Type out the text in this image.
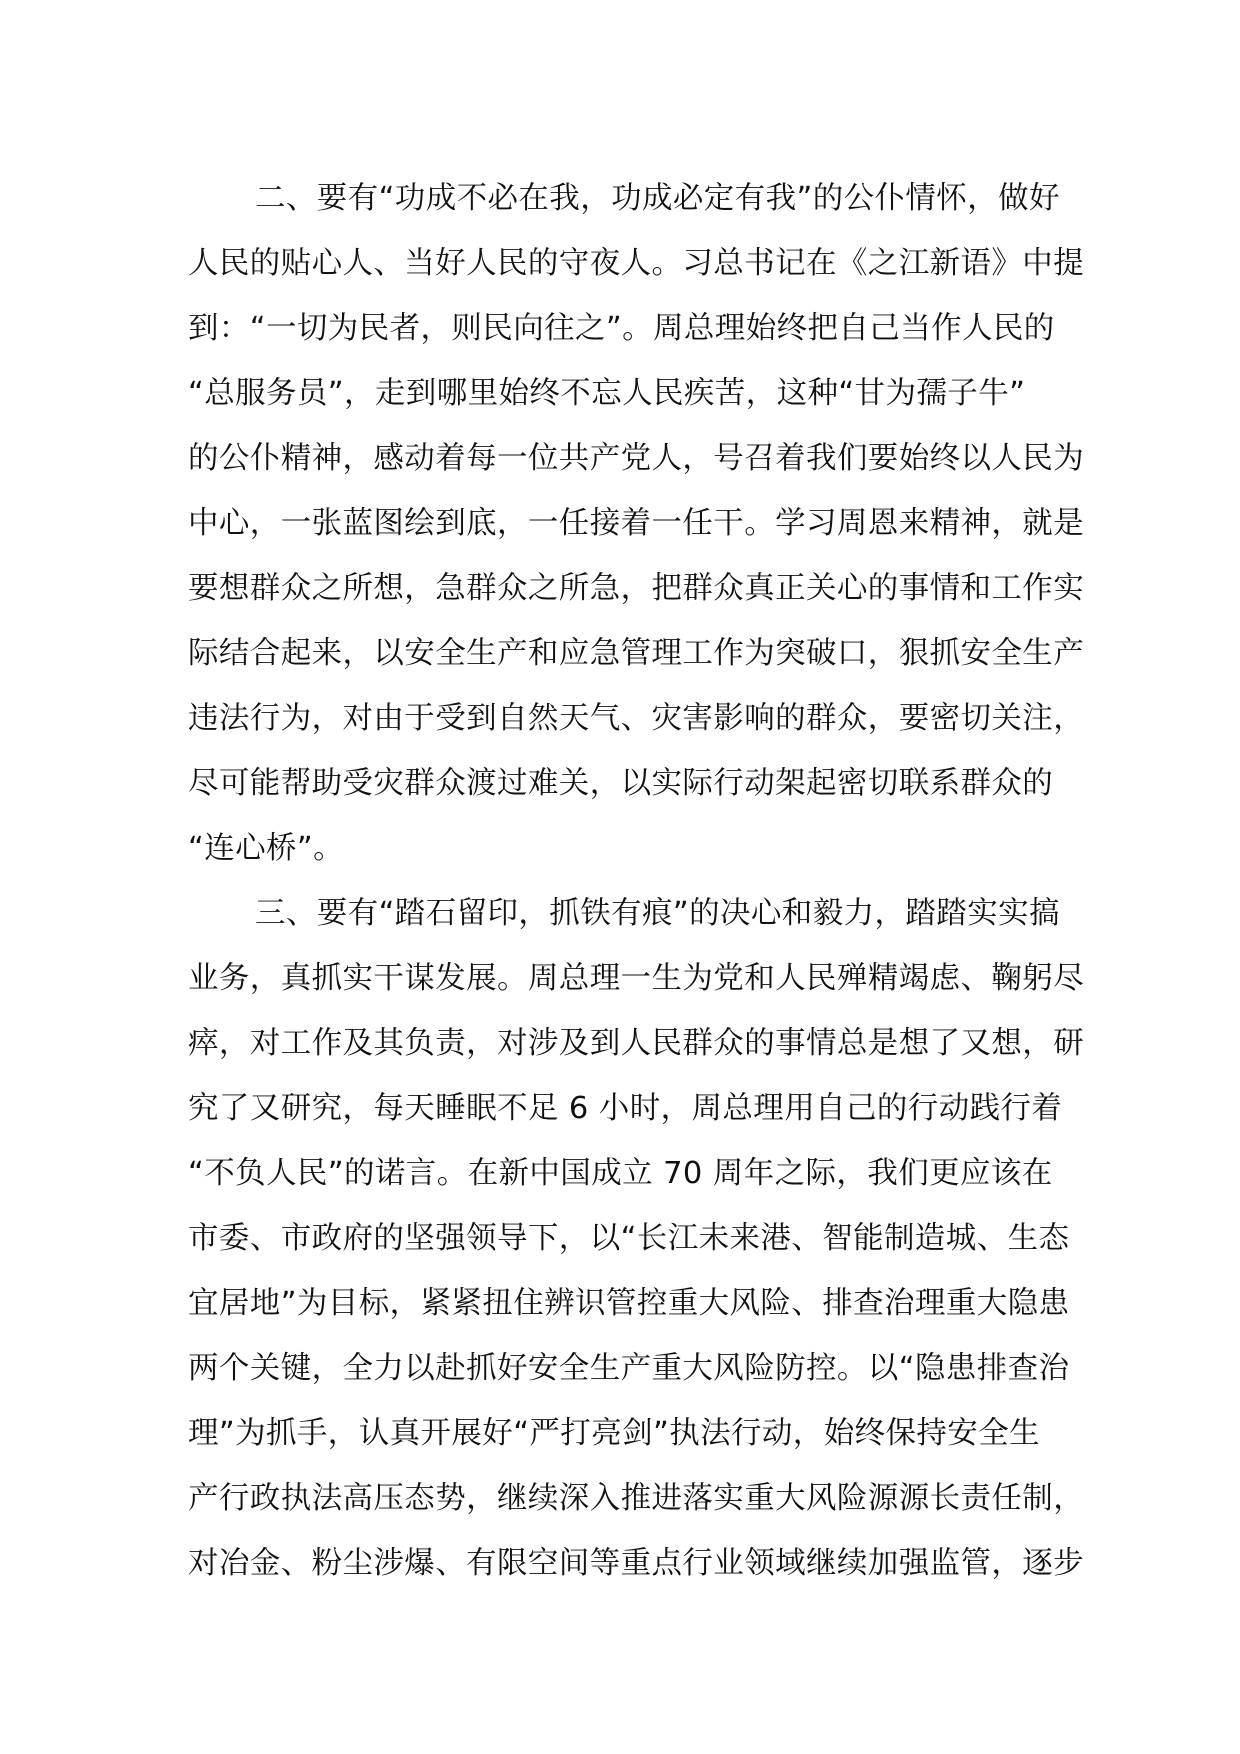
二、要有“功成不必在我，功成必定有我”的公仆情怀，做好
人民的贴心人、当好人民的守夜人。习总书记在《之江新语》中提
到：“一切为民者，则民向往之”。周总理始终把自己当作人民的
“总服务员”，走到哪里始终不忘人民疾苦，这种“甘为孺子牛”
的公仆精神，感动着每一位共产党人，号召着我们要始终以人民为
中心，一张蓝图绘到底，一任接着一任干。学习周恩来精神，就是
要想群众之所想，急群众之所急，把群众真正关心的事情和工作实
际结合起来，以安全生产和应急管理工作为突破口，狠抓安全生产
违法行为，对由于受到自然天气、灾害影响的群众，要密切关注，
尽可能帮助受灾群众渡过难关，以实际行动架起密切联系群众的
“连心桥”。
三、要有“踏石留印，抓铁有痕”的决心和毅力，踏踏实实搞
业务，真抓实干谋发展。周总理一生为党和人民殚精竭虑、鞠躬尽
瘁，对工作及其负责，对涉及到人民群众的事情总是想了又想，研
究了又研究，每天睡眠不足 6 小时，周总理用自己的行动践行着
“不负人民”的诺言。在新中国成立 70 周年之际，我们更应该在
市委、市政府的坚强领导下，以“长江未来港、智能制造城、生态
宜居地”为目标，紧紧扭住辨识管控重大风险、排查治理重大隐患
两个关键，全力以赴抓好安全生产重大风险防控。以“隐患排查治
理”为抓手，认真开展好“严打亮剑”执法行动，始终保持安全生
产行政执法高压态势，继续深入推进落实重大风险源源长责任制，
对冶金、粉尘涉爆、有限空间等重点行业领域继续加强监管，逐步
